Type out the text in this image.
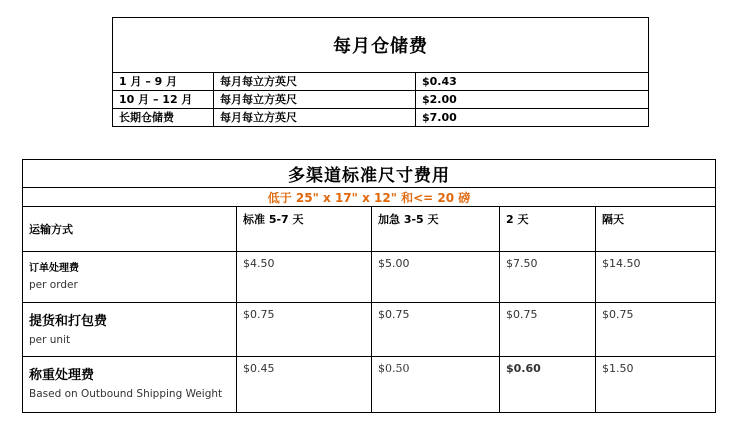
每月仓储费		
1 月 – 9 月	每月每立方英尺	$0.43
10 月 – 12 月	每月每立方英尺	$2.00
长期仓储费	每月每立方英尺	$7.00
多渠道标准尺寸费用				
低于 25" x 17" x 12" 和<= 20 磅				
运输方式	标准 5-7 天	加急 3-5 天	2 天	隔天

订单处理费
per order	$4.50	$5.00	$7.50	$14.50

提货和打包费
per unit	$0.75	$0.75	$0.75	$0.75

称重处理费
Based on Outbound Shipping Weight	$0.45	$0.50	$0.60	$1.50
